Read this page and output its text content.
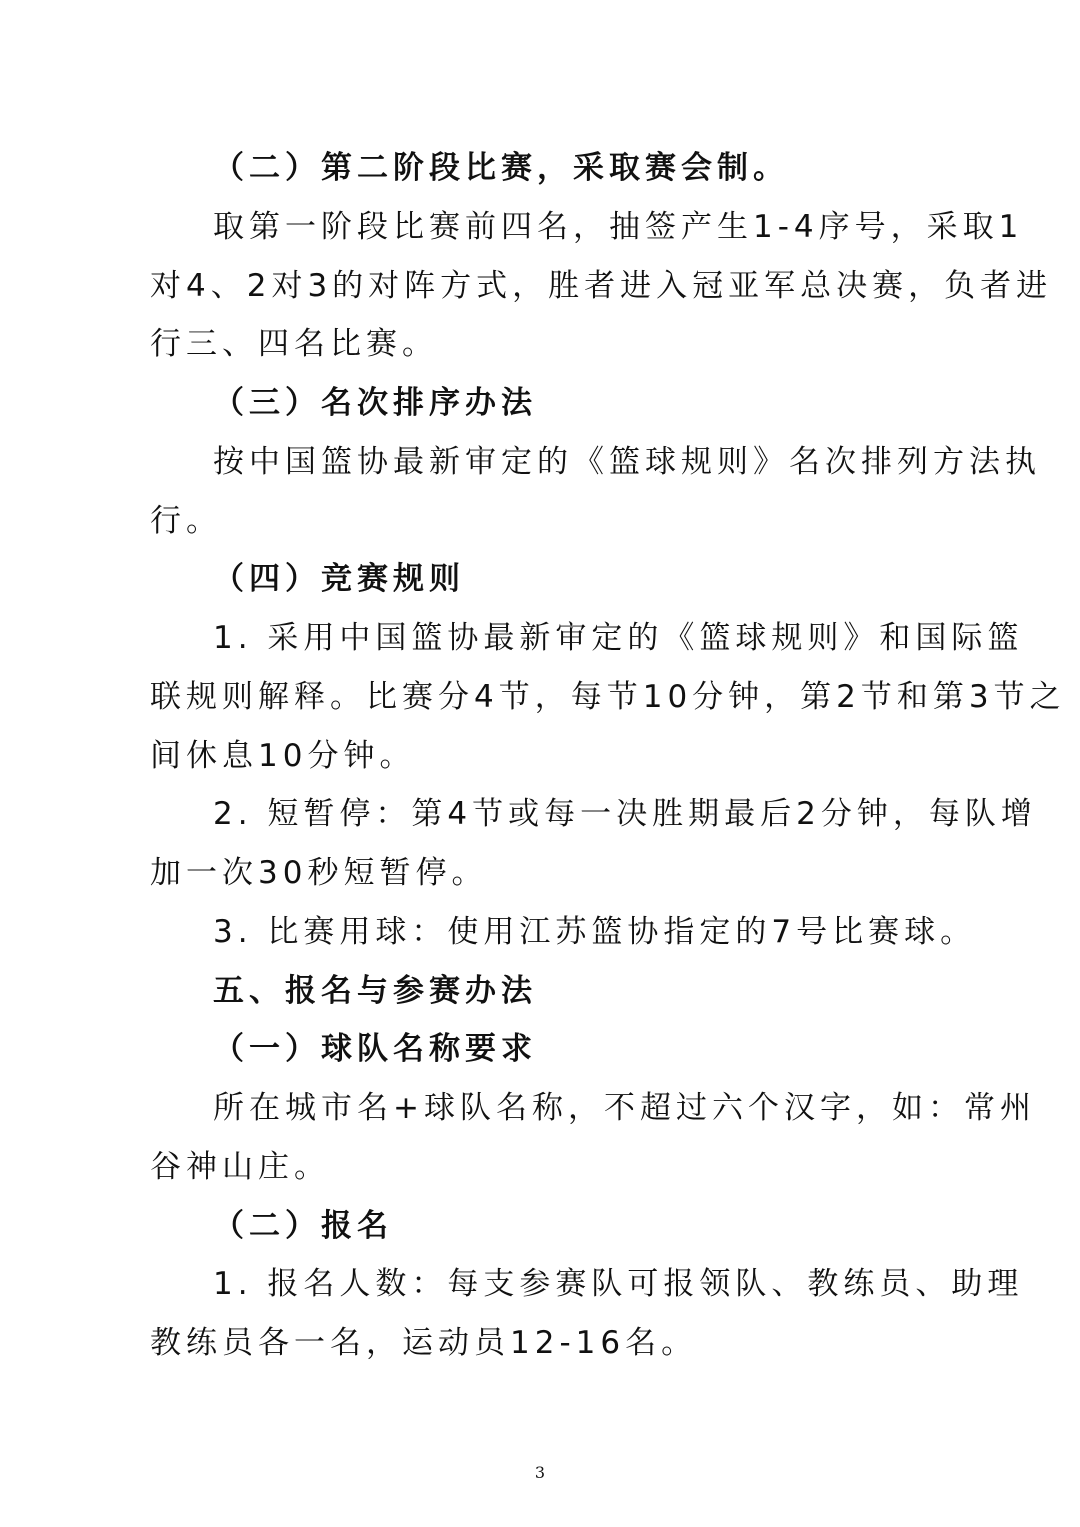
（二）第二阶段比赛，采取赛会制。
取第一阶段比赛前四名，抽签产生1-4序号，采取1
对4、2对3的对阵方式，胜者进入冠亚军总决赛，负者进
行三、四名比赛。
（三）名次排序办法
按中国篮协最新审定的《篮球规则》名次排列方法执
行。
（四）竞赛规则
1. 采用中国篮协最新审定的《篮球规则》和国际篮
联规则解释。比赛分4节，每节10分钟，第2节和第3节之
间休息10分钟。
2. 短暂停：第4节或每一决胜期最后2分钟，每队增
加一次30秒短暂停。
3. 比赛用球：使用江苏篮协指定的7号比赛球。
五、报名与参赛办法
（一）球队名称要求
所在城市名+球队名称，不超过六个汉字，如：常州
谷神山庄。
（二）报名
1. 报名人数：每支参赛队可报领队、教练员、助理
教练员各一名，运动员12-16名。
3
